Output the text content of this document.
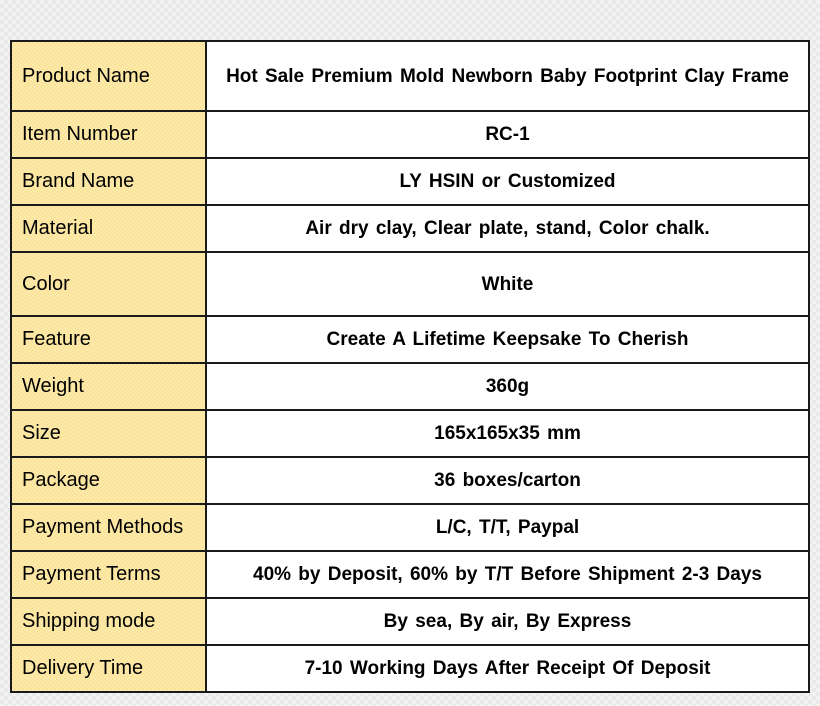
Product Name	Hot Sale Premium Mold Newborn Baby Footprint Clay Frame
Item Number	RC-1
Brand Name	LY HSIN or Customized
Material	Air dry clay, Clear plate, stand, Color chalk.
Color	White
Feature	Create A Lifetime Keepsake To Cherish
Weight	360g
Size	165x165x35 mm
Package	36 boxes/carton
Payment Methods	L/C, T/T, Paypal
Payment Terms	40% by Deposit, 60% by T/T Before Shipment 2-3 Days
Shipping mode	By sea, By air, By Express
Delivery Time	7-10 Working Days After Receipt Of Deposit
